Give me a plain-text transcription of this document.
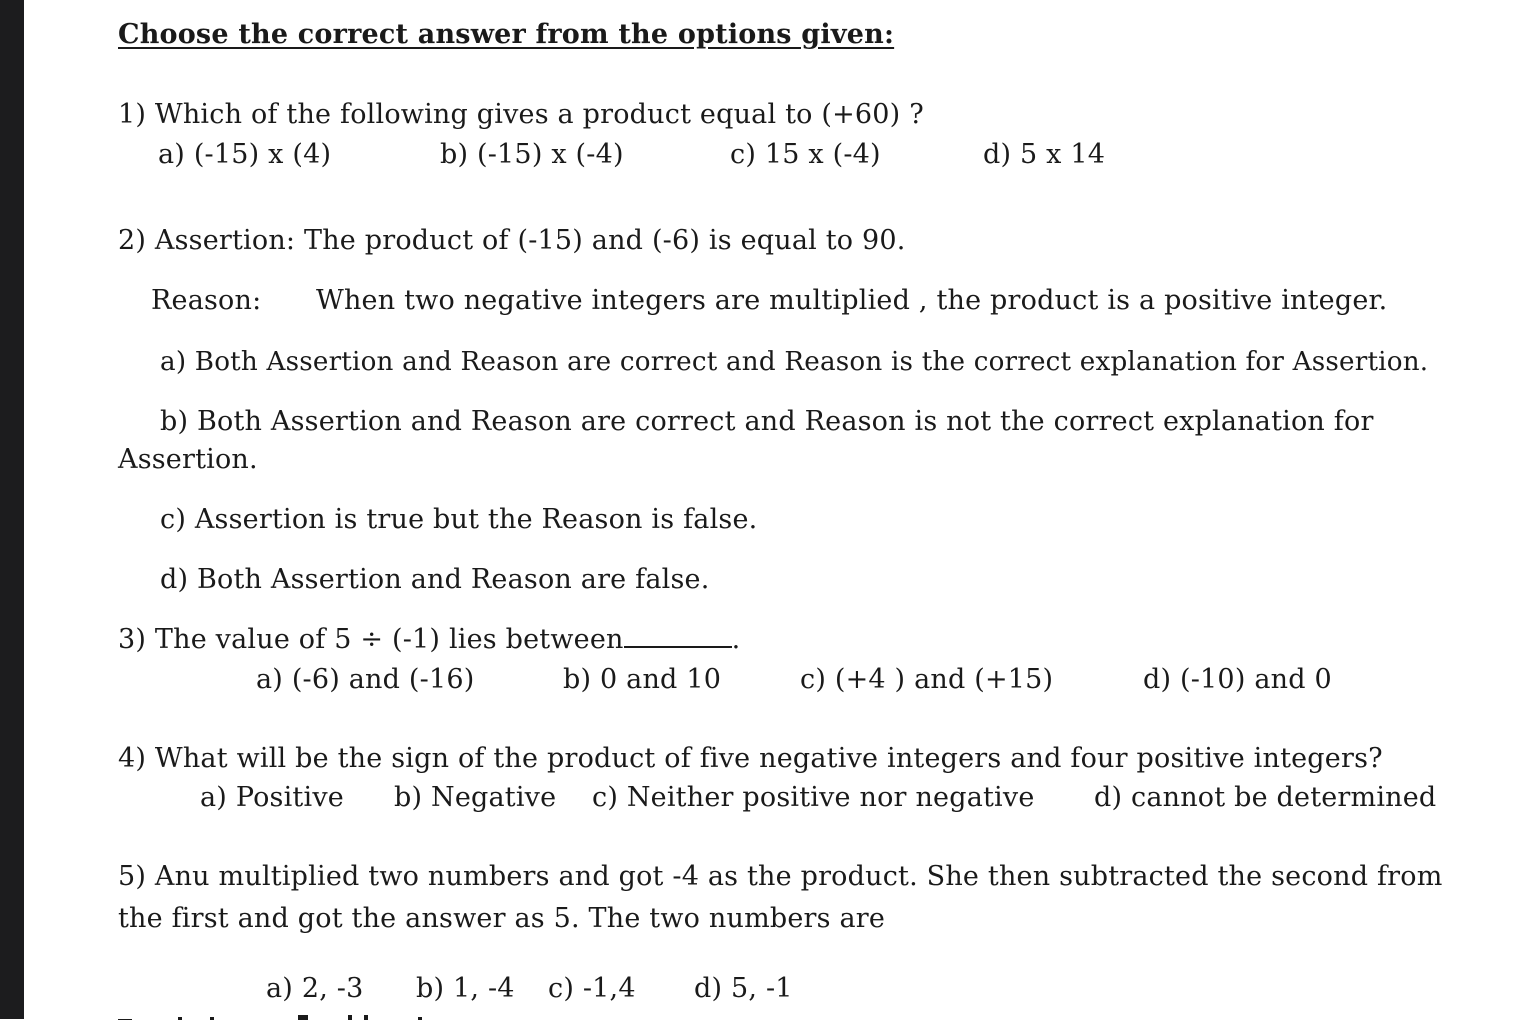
Choose the correct answer from the options given:
1) Which of the following gives a product equal to (+60) ?
a) (-15) x (4)	b) (-15) x (-4)	c) 15 x (-4)	d) 5 x 14
2) Assertion: The product of (-15) and (-6) is equal to 90.
Reason: When two negative integers are multiplied , the product is a positive integer.
a) Both Assertion and Reason are correct and Reason is the correct explanation for Assertion.
b) Both Assertion and Reason are correct and Reason is not the correct explanation for
Assertion.
c) Assertion is true but the Reason is false.
d) Both Assertion and Reason are false.
3) The value of 5 ÷ (-1) lies between	.
a) (-6) and (-16)	b) 0 and 10	c) (+4 ) and (+15)	d) (-10) and 0
4) What will be the sign of the product of five negative integers and four positive integers?
a) Positive b) Negative c) Neither positive nor negative d) cannot be determined
5) Anu multiplied two numbers and got -4 as the product. She then subtracted the second from
the first and got the answer as 5. The two numbers are
a) 2, -3 b) 1, -4 c) -1,4 d) 5, -1
